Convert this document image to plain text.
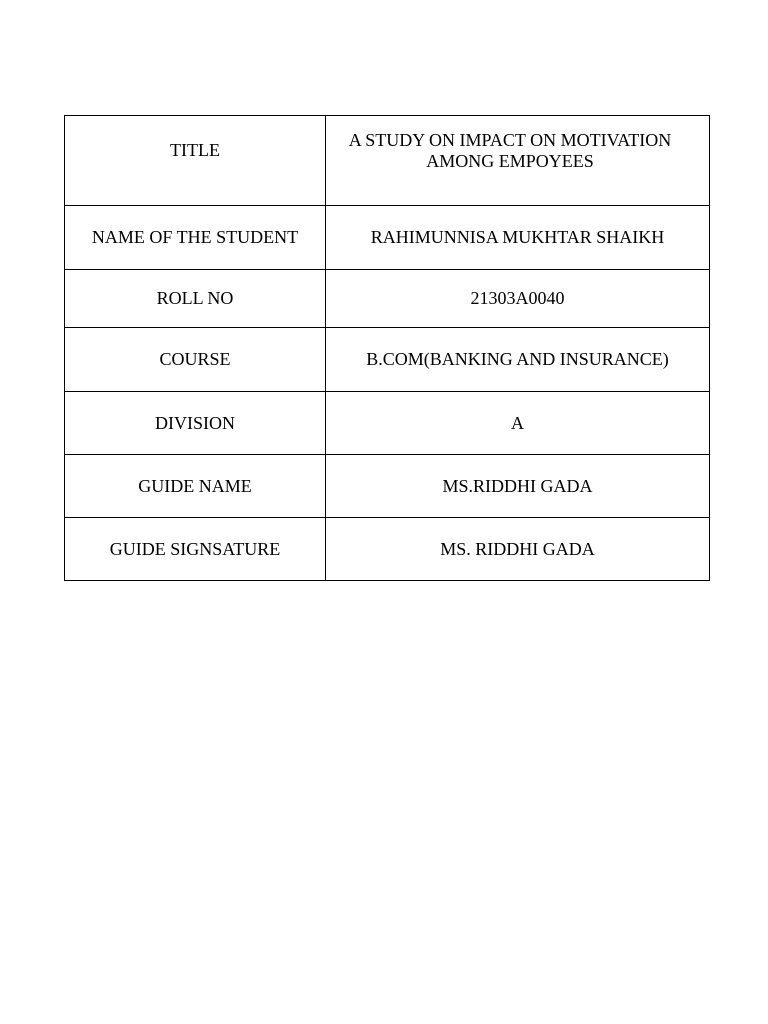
TITLE	A STUDY ON IMPACT ON MOTIVATION AMONG EMPOYEES

NAME OF THE STUDENT	RAHIMUNNISA MUKHTAR SHAIKH
ROLL NO	21303A0040
COURSE	B.COM(BANKING AND INSURANCE)
DIVISION	A
GUIDE NAME	MS.RIDDHI GADA
GUIDE SIGNSATURE	MS. RIDDHI GADA
